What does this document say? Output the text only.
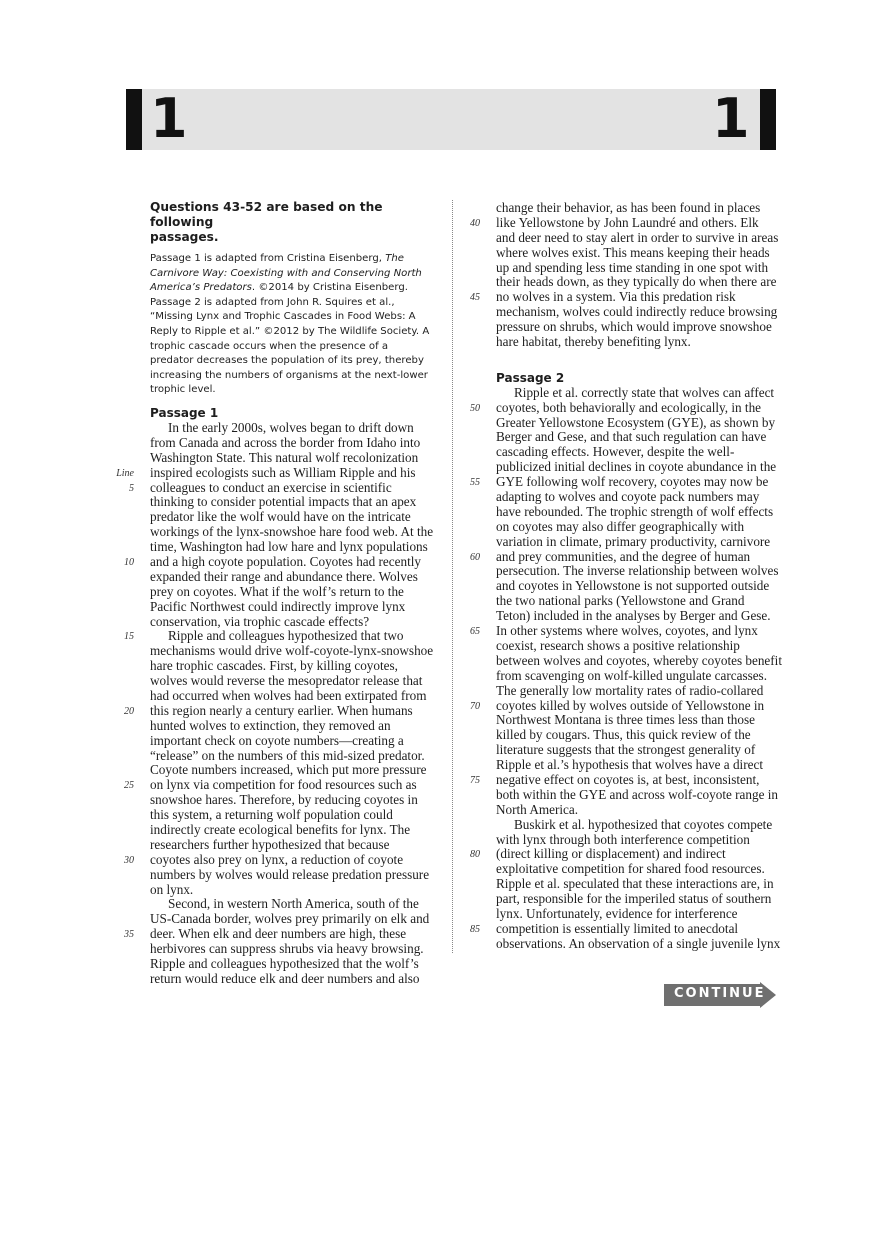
1	1
Questions 43-52 are based on the following
passages.
Passage 1 is adapted from Cristina Eisenberg, The Carnivore Way: Coexisting with and Conserving North America’s Predators. ©2014 by Cristina Eisenberg. Passage 2 is adapted from John R. Squires et al., “Missing Lynx and Trophic Cascades in Food Webs: A Reply to Ripple et al.” ©2012 by The Wildlife Society. A trophic cascade occurs when the presence of a predator decreases the population of its prey, thereby increasing the numbers of organisms at the next-lower trophic level.
Passage 1
In the early 2000s, wolves began to drift down
from Canada and across the border from Idaho into
Washington State. This natural wolf recolonization
inspired ecologists such as William Ripple and his
Line
colleagues to conduct an exercise in scientific
5
thinking to consider potential impacts that an apex
predator like the wolf would have on the intricate
workings of the lynx-snowshoe hare food web. At the
time, Washington had low hare and lynx populations
and a high coyote population. Coyotes had recently
10
expanded their range and abundance there. Wolves
prey on coyotes. What if the wolf’s return to the
Pacific Northwest could indirectly improve lynx
conservation, via trophic cascade effects?
Ripple and colleagues hypothesized that two
15
mechanisms would drive wolf-coyote-lynx-snowshoe
hare trophic cascades. First, by killing coyotes,
wolves would reverse the mesopredator release that
had occurred when wolves had been extirpated from
this region nearly a century earlier. When humans
20
hunted wolves to extinction, they removed an
important check on coyote numbers—creating a
“release” on the numbers of this mid-sized predator.
Coyote numbers increased, which put more pressure
on lynx via competition for food resources such as
25
snowshoe hares. Therefore, by reducing coyotes in
this system, a returning wolf population could
indirectly create ecological benefits for lynx. The
researchers further hypothesized that because
coyotes also prey on lynx, a reduction of coyote
30
numbers by wolves would release predation pressure
on lynx.
Second, in western North America, south of the
US-Canada border, wolves prey primarily on elk and
deer. When elk and deer numbers are high, these
35
herbivores can suppress shrubs via heavy browsing.
Ripple and colleagues hypothesized that the wolf’s
return would reduce elk and deer numbers and also
change their behavior, as has been found in places
like Yellowstone by John Laundré and others. Elk
40
and deer need to stay alert in order to survive in areas
where wolves exist. This means keeping their heads
up and spending less time standing in one spot with
their heads down, as they typically do when there are
no wolves in a system. Via this predation risk
45
mechanism, wolves could indirectly reduce browsing
pressure on shrubs, which would improve snowshoe
hare habitat, thereby benefiting lynx.
Passage 2
Ripple et al. correctly state that wolves can affect
coyotes, both behaviorally and ecologically, in the
50
Greater Yellowstone Ecosystem (GYE), as shown by
Berger and Gese, and that such regulation can have
cascading effects. However, despite the well-
publicized initial declines in coyote abundance in the
GYE following wolf recovery, coyotes may now be
55
adapting to wolves and coyote pack numbers may
have rebounded. The trophic strength of wolf effects
on coyotes may also differ geographically with
variation in climate, primary productivity, carnivore
and prey communities, and the degree of human
60
persecution. The inverse relationship between wolves
and coyotes in Yellowstone is not supported outside
the two national parks (Yellowstone and Grand
Teton) included in the analyses by Berger and Gese.
In other systems where wolves, coyotes, and lynx
65
coexist, research shows a positive relationship
between wolves and coyotes, whereby coyotes benefit
from scavenging on wolf-killed ungulate carcasses.
The generally low mortality rates of radio-collared
coyotes killed by wolves outside of Yellowstone in
70
Northwest Montana is three times less than those
killed by cougars. Thus, this quick review of the
literature suggests that the strongest generality of
Ripple et al.’s hypothesis that wolves have a direct
negative effect on coyotes is, at best, inconsistent,
75
both within the GYE and across wolf-coyote range in
North America.
Buskirk et al. hypothesized that coyotes compete
with lynx through both interference competition
(direct killing or displacement) and indirect
80
exploitative competition for shared food resources.
Ripple et al. speculated that these interactions are, in
part, responsible for the imperiled status of southern
lynx. Unfortunately, evidence for interference
competition is essentially limited to anecdotal
85
observations. An observation of a single juvenile lynx
CONTINUE
